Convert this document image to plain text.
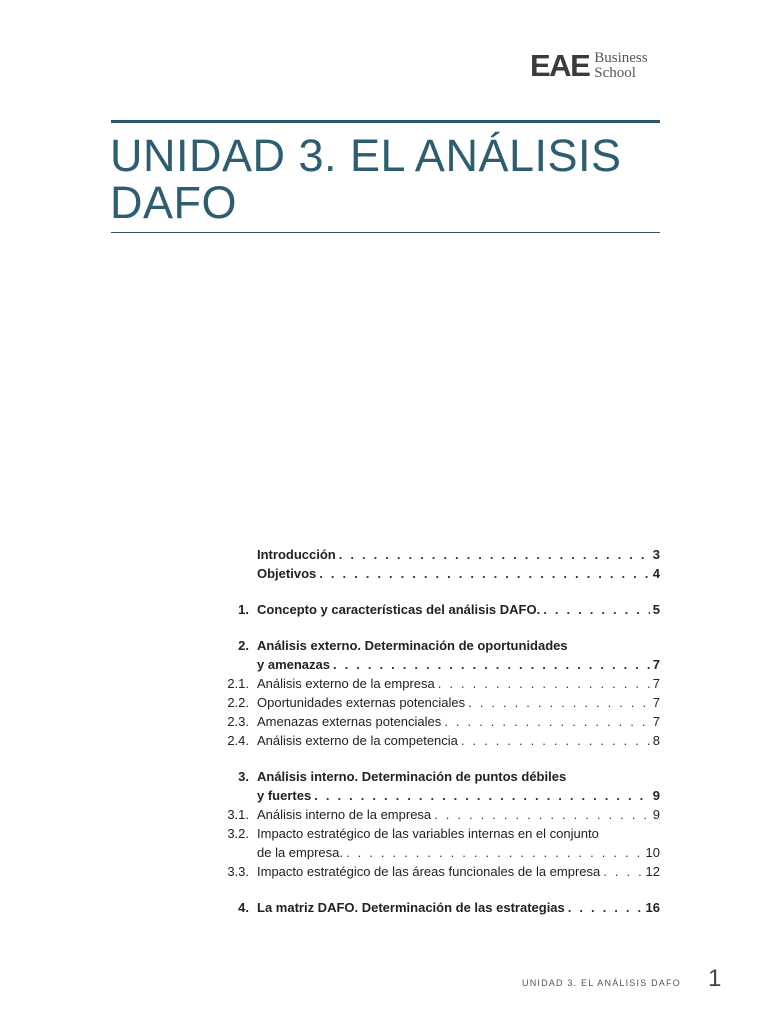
EAE Business
School
UNIDAD 3. EL ANÁLISIS
DAFO
Introducción . . .	3
Objetivos . . .	4
1. Concepto y características del análisis DAFO. . . .	5
2. Análisis externo. Determinación de oportunidades
y amenazas . . .	7
2.1. Análisis externo de la empresa . . .	7
2.2. Oportunidades externas potenciales . . .	7
2.3. Amenazas externas potenciales . . .	7
2.4. Análisis externo de la competencia . . .	8
3. Análisis interno. Determinación de puntos débiles
y fuertes . . .	9
3.1. Análisis interno de la empresa . . .	9
3.2. Impacto estratégico de las variables internas en el conjunto
de la empresa. . . .	10
3.3. Impacto estratégico de las áreas funcionales de la empresa . . .	12
4. La matriz DAFO. Determinación de las estrategias . . .	16
UNIDAD 3. EL ANÁLISIS DAFO 1
